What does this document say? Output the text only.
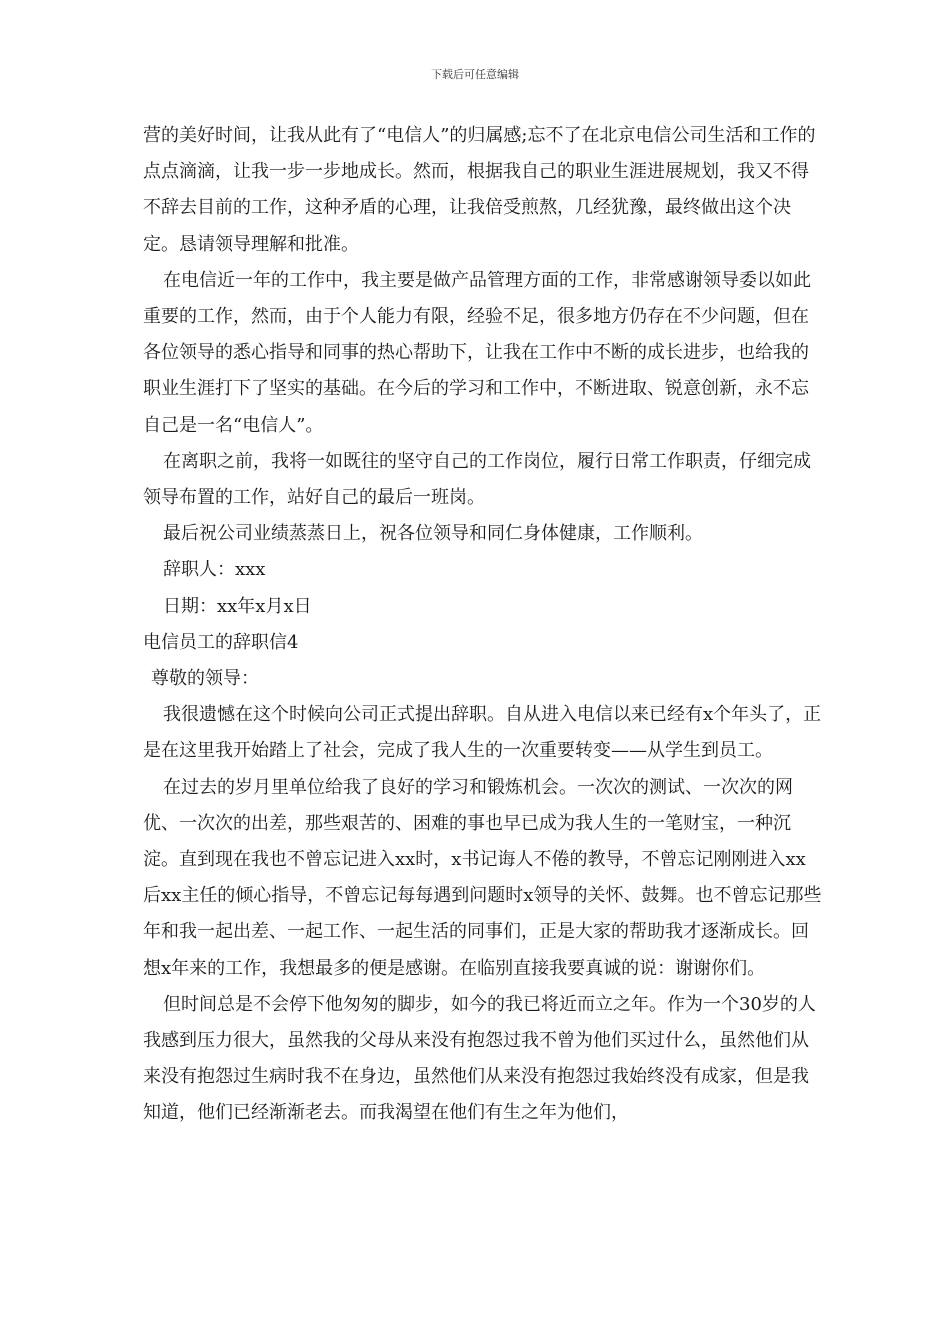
下载后可任意编辑

营的美好时间，让我从此有了“电信人”的归属感;忘不了在北京电信公司生活和工作的点点滴滴，让我一步一步地成长。然而，根据我自己的职业生涯进展规划，我又不得不辞去目前的工作，这种矛盾的心理，让我倍受煎熬，几经犹豫，最终做出这个决定。恳请领导理解和批准。

在电信近一年的工作中，我主要是做产品管理方面的工作，非常感谢领导委以如此重要的工作，然而，由于个人能力有限，经验不足，很多地方仍存在不少问题，但在各位领导的悉心指导和同事的热心帮助下，让我在工作中不断的成长进步，也给我的职业生涯打下了坚实的基础。在今后的学习和工作中，不断进取、锐意创新，永不忘自己是一名“电信人”。

在离职之前，我将一如既往的坚守自己的工作岗位，履行日常工作职责，仔细完成领导布置的工作，站好自己的最后一班岗。

最后祝公司业绩蒸蒸日上，祝各位领导和同仁身体健康，工作顺利。

辞职人：xxx

日期：xx年x月x日

电信员工的辞职信4

尊敬的领导：

我很遗憾在这个时候向公司正式提出辞职。自从进入电信以来已经有x个年头了，正是在这里我开始踏上了社会，完成了我人生的一次重要转变——从学生到员工。

在过去的岁月里单位给我了良好的学习和锻炼机会。一次次的测试、一次次的网优、一次次的出差，那些艰苦的、困难的事也早已成为我人生的一笔财宝，一种沉淀。直到现在我也不曾忘记进入xx时，x书记诲人不倦的教导，不曾忘记刚刚进入xx后xx主任的倾心指导，不曾忘记每每遇到问题时x领导的关怀、鼓舞。也不曾忘记那些年和我一起出差、一起工作、一起生活的同事们，正是大家的帮助我才逐渐成长。回想x年来的工作，我想最多的便是感谢。在临别直接我要真诚的说：谢谢你们。

但时间总是不会停下他匆匆的脚步，如今的我已将近而立之年。作为一个30岁的人我感到压力很大，虽然我的父母从来没有抱怨过我不曾为他们买过什么，虽然他们从来没有抱怨过生病时我不在身边，虽然他们从来没有抱怨过我始终没有成家，但是我知道，他们已经渐渐老去。而我渴望在他们有生之年为他们，
